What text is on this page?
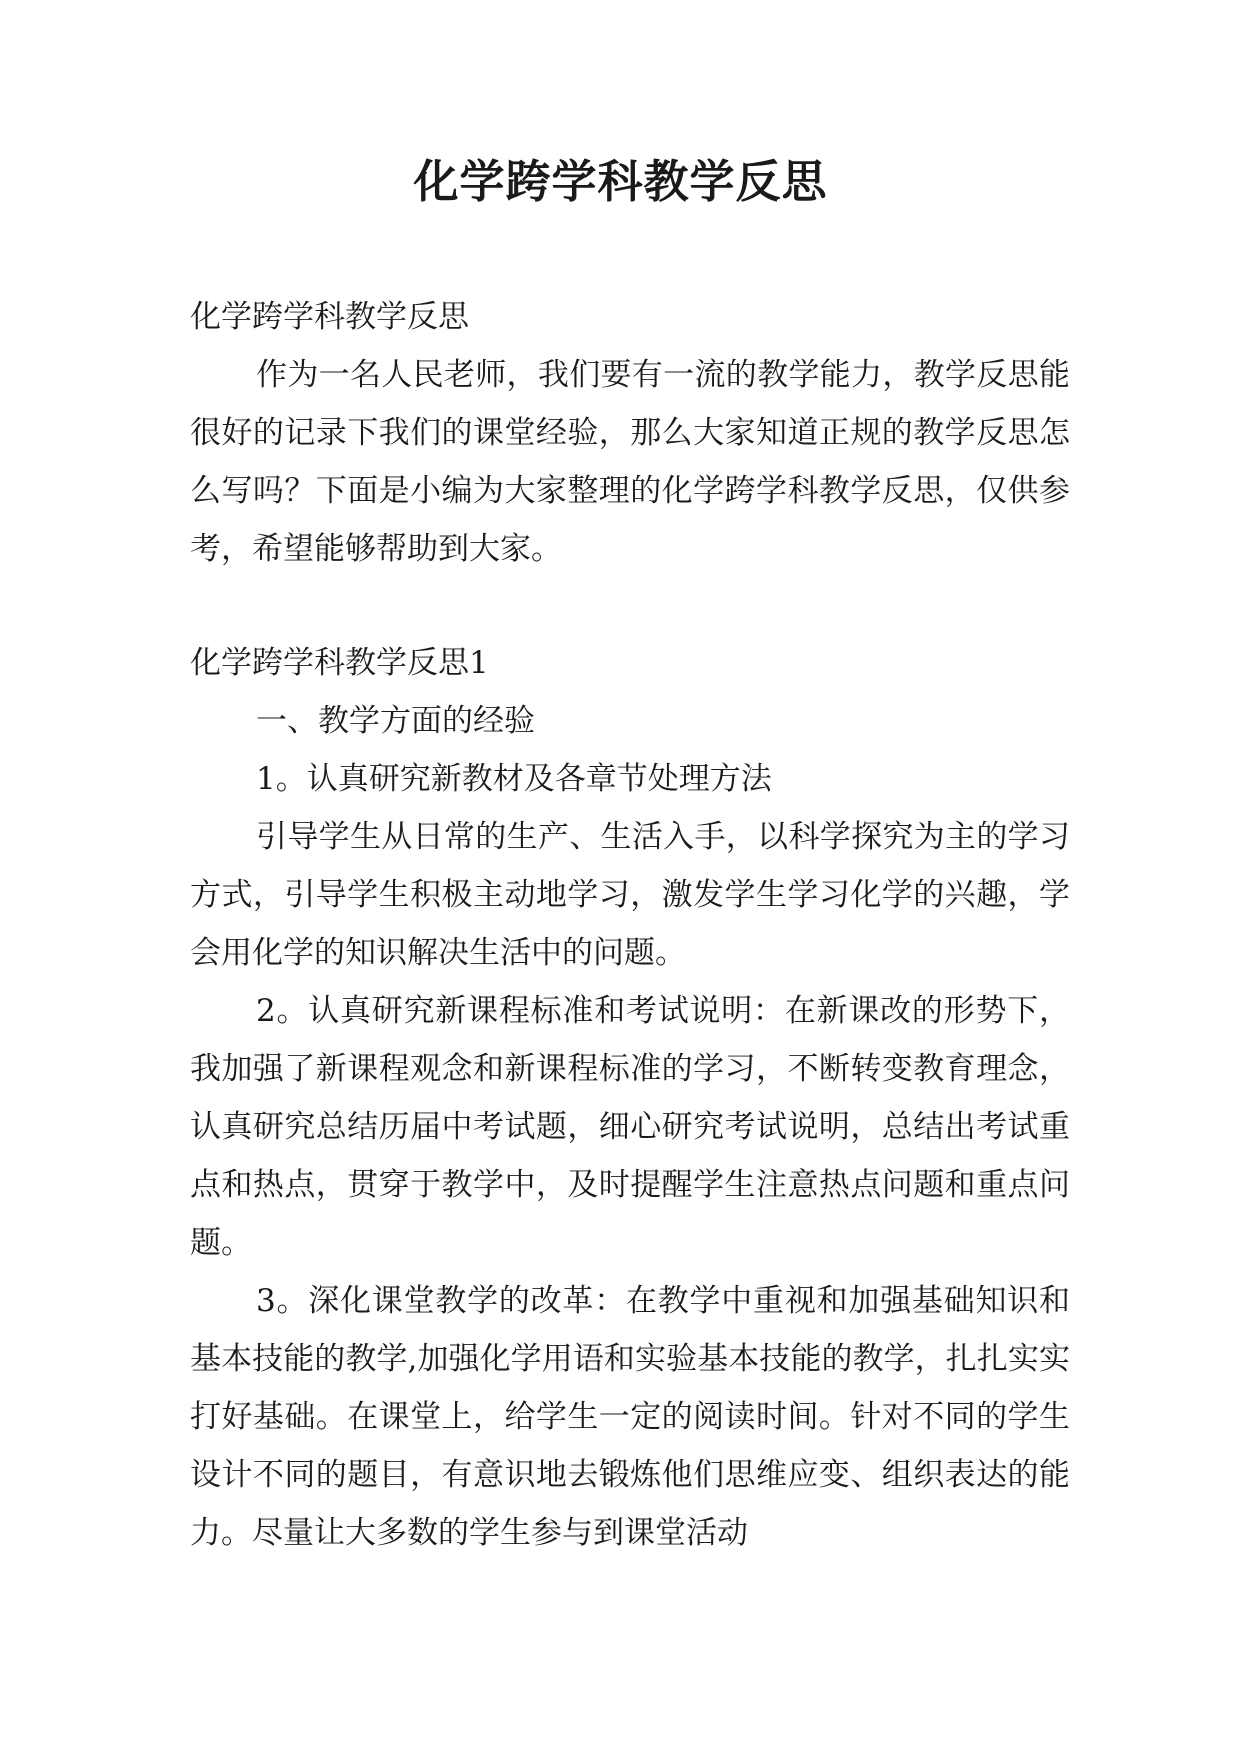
化学跨学科教学反思

化学跨学科教学反思

作为一名人民老师，我们要有一流的教学能力，教学反思能很好的记录下我们的课堂经验，那么大家知道正规的教学反思怎么写吗？下面是小编为大家整理的化学跨学科教学反思，仅供参考，希望能够帮助到大家。

化学跨学科教学反思1

一、教学方面的经验

1。认真研究新教材及各章节处理方法

引导学生从日常的生产、生活入手，以科学探究为主的学习方式，引导学生积极主动地学习，激发学生学习化学的兴趣，学会用化学的知识解决生活中的问题。

2。认真研究新课程标准和考试说明：在新课改的形势下，我加强了新课程观念和新课程标准的学习，不断转变教育理念，认真研究总结历届中考试题，细心研究考试说明，总结出考试重点和热点，贯穿于教学中，及时提醒学生注意热点问题和重点问题。

3。深化课堂教学的改革：在教学中重视和加强基础知识和基本技能的教学,加强化学用语和实验基本技能的教学，扎扎实实打好基础。在课堂上，给学生一定的阅读时间。针对不同的学生设计不同的题目，有意识地去锻炼他们思维应变、组织表达的能力。尽量让大多数的学生参与到课堂活动
